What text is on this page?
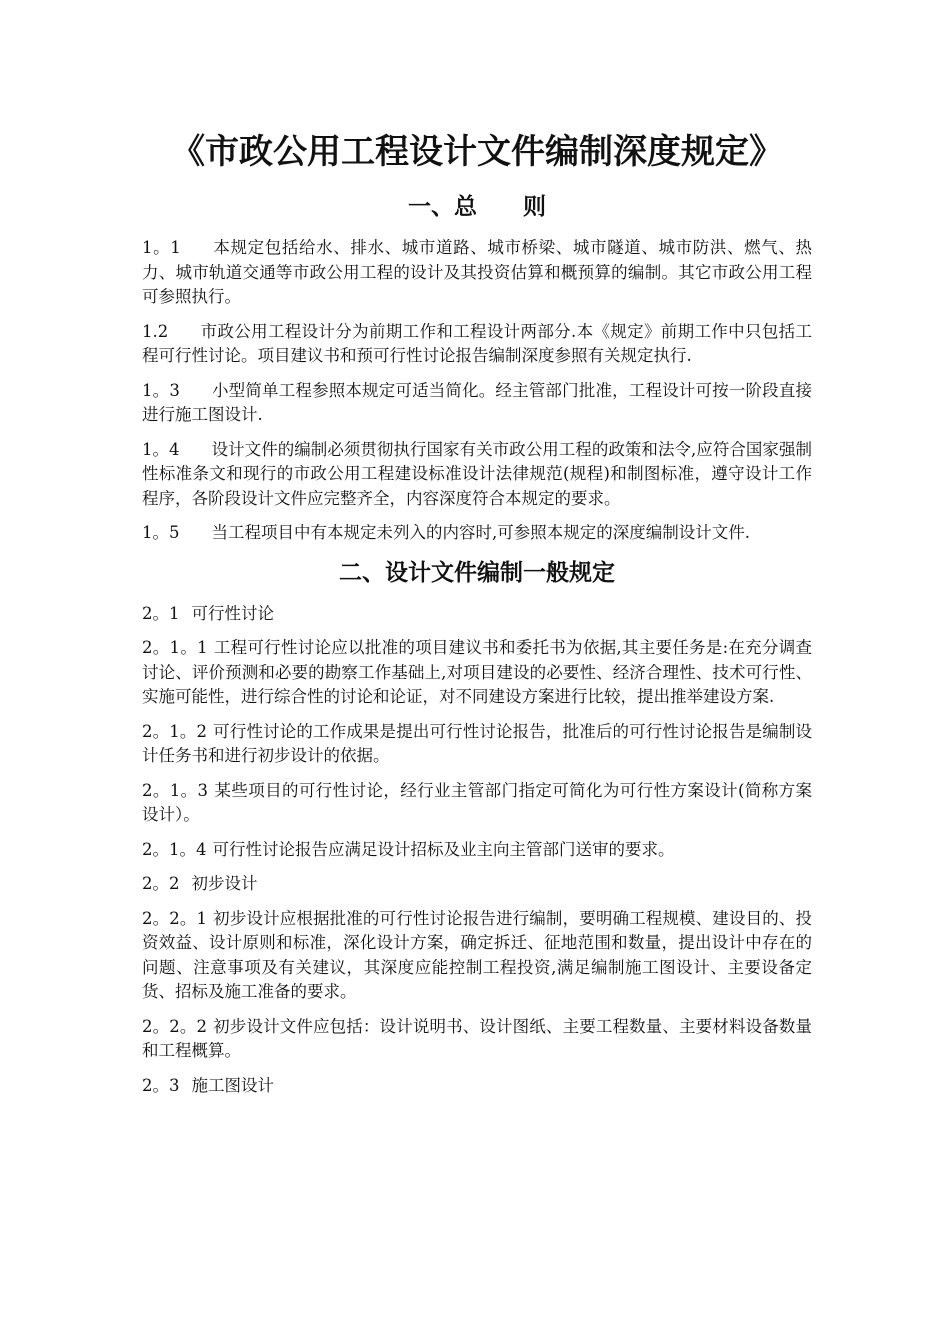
《市政公用工程设计文件编制深度规定》
一、总　　则
1。1 本规定包括给水、排水、城市道路、城市桥梁、城市隧道、城市防洪、燃气、热力、城市轨道交通等市政公用工程的设计及其投资估算和概预算的编制。其它市政公用工程可参照执行。
1.2 市政公用工程设计分为前期工作和工程设计两部分.本《规定》前期工作中只包括工程可行性讨论。项目建议书和预可行性讨论报告编制深度参照有关规定执行.
1。3 小型简单工程参照本规定可适当简化。经主管部门批准，工程设计可按一阶段直接进行施工图设计.
1。4 设计文件的编制必须贯彻执行国家有关市政公用工程的政策和法令,应符合国家强制性标准条文和现行的市政公用工程建设标准设计法律规范(规程)和制图标准，遵守设计工作程序，各阶段设计文件应完整齐全，内容深度符合本规定的要求。
1。5 当工程项目中有本规定未列入的内容时,可参照本规定的深度编制设计文件.
二、设计文件编制一般规定
2。1 可行性讨论
2。1。1 工程可行性讨论应以批准的项目建议书和委托书为依据,其主要任务是:在充分调查讨论、评价预测和必要的勘察工作基础上,对项目建设的必要性、经济合理性、技术可行性、实施可能性，进行综合性的讨论和论证，对不同建设方案进行比较，提出推举建设方案.
2。1。2 可行性讨论的工作成果是提出可行性讨论报告，批准后的可行性讨论报告是编制设计任务书和进行初步设计的依据。
2。1。3 某些项目的可行性讨论，经行业主管部门指定可简化为可行性方案设计(简称方案设计）。
2。1。4 可行性讨论报告应满足设计招标及业主向主管部门送审的要求。
2。2 初步设计
2。2。1 初步设计应根据批准的可行性讨论报告进行编制，要明确工程规模、建设目的、投资效益、设计原则和标准，深化设计方案，确定拆迁、征地范围和数量，提出设计中存在的问题、注意事项及有关建议，其深度应能控制工程投资,满足编制施工图设计、主要设备定货、招标及施工准备的要求。
2。2。2 初步设计文件应包括：设计说明书、设计图纸、主要工程数量、主要材料设备数量和工程概算。
2。3 施工图设计
